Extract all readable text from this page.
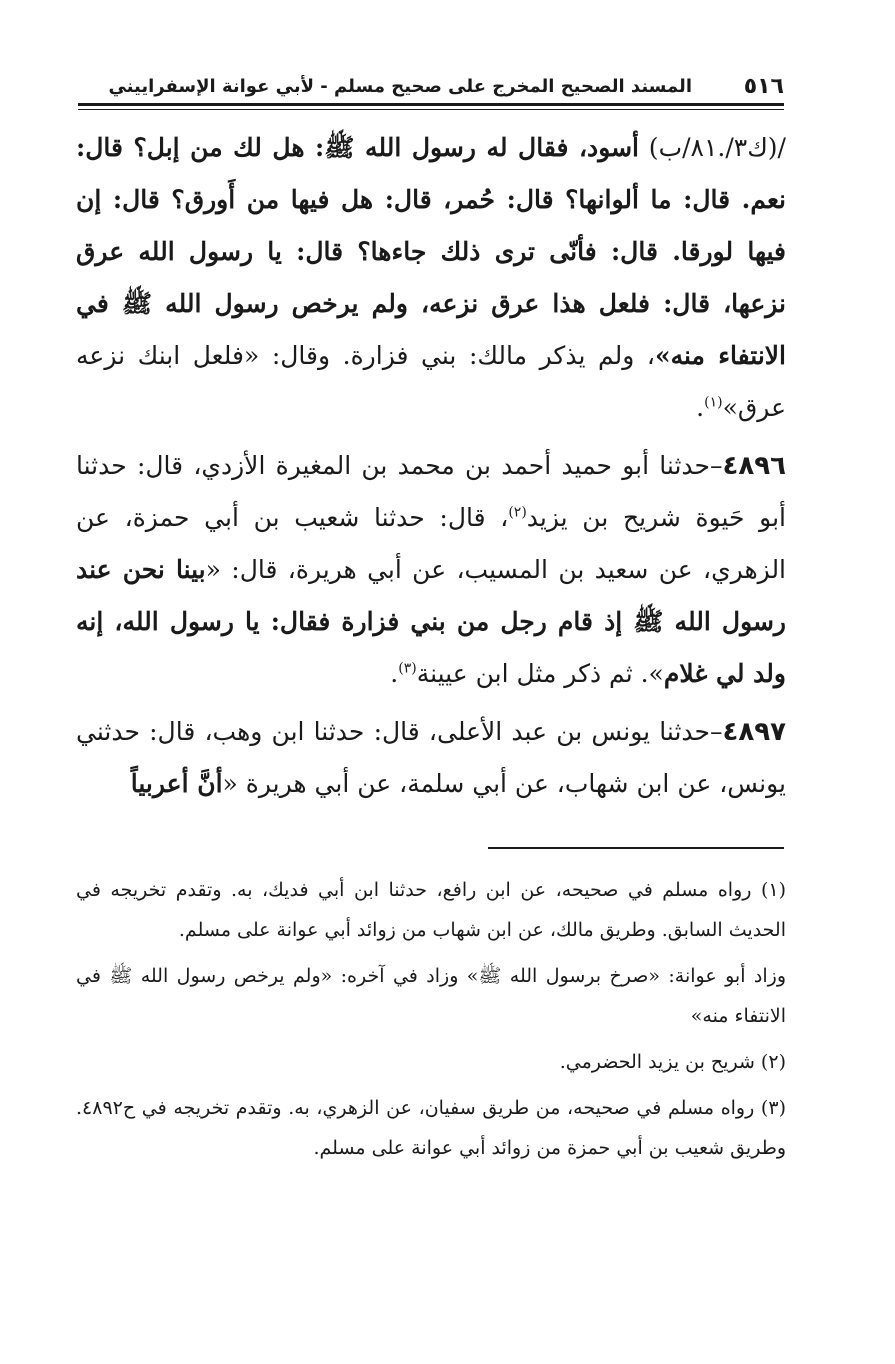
٥١٦
المسند الصحيح المخرج على صحيح مسلم - لأبي عوانة الإسفراييني

/(ك٣/.٨١/ب) أسود، فقال له رسول الله ﷺ: هل لك من إبل؟ قال: نعم. قال: ما ألوانها؟ قال: حُمر، قال: هل فيها من أَورق؟ قال: إن فيها لورقا. قال: فأنّى ترى ذلك جاءها؟ قال: يا رسول الله عرق نزعها، قال: فلعل هذا عرق نزعه، ولم يرخص رسول الله ﷺ في الانتفاء منه»، ولم يذكر مالك: بني فزارة. وقال: «فلعل ابنك نزعه عرق»$^{(١)}$.

٤٨٩٦–حدثنا أبو حميد أحمد بن محمد بن المغيرة الأزدي، قال: حدثنا أبو حَيوة شريح بن يزيد$^{(٢)}$، قال: حدثنا شعيب بن أبي حمزة، عن الزهري، عن سعيد بن المسيب، عن أبي هريرة، قال: «بينا نحن عند رسول الله ﷺ إذ قام رجل من بني فزارة فقال: يا رسول الله، إنه ولد لي غلام». ثم ذكر مثل ابن عيينة$^{(٣)}$.

٤٨٩٧–حدثنا يونس بن عبد الأعلى، قال: حدثنا ابن وهب، قال: حدثني يونس، عن ابن شهاب، عن أبي سلمة، عن أبي هريرة «أنَّ أعربياً

(١) رواه مسلم في صحيحه، عن ابن رافع، حدثنا ابن أبي فديك، به. وتقدم تخريجه في الحديث السابق. وطريق مالك، عن ابن شهاب من زوائد أبي عوانة على مسلم.

وزاد أبو عوانة: «صرخ برسول الله ﷺ» وزاد في آخره: «ولم يرخص رسول الله ﷺ في الانتفاء منه»

(٢) شريح بن يزيد الحضرمي.

(٣) رواه مسلم في صحيحه، من طريق سفيان، عن الزهري، به. وتقدم تخريجه في ح٤٨٩٢. وطريق شعيب بن أبي حمزة من زوائد أبي عوانة على مسلم.
